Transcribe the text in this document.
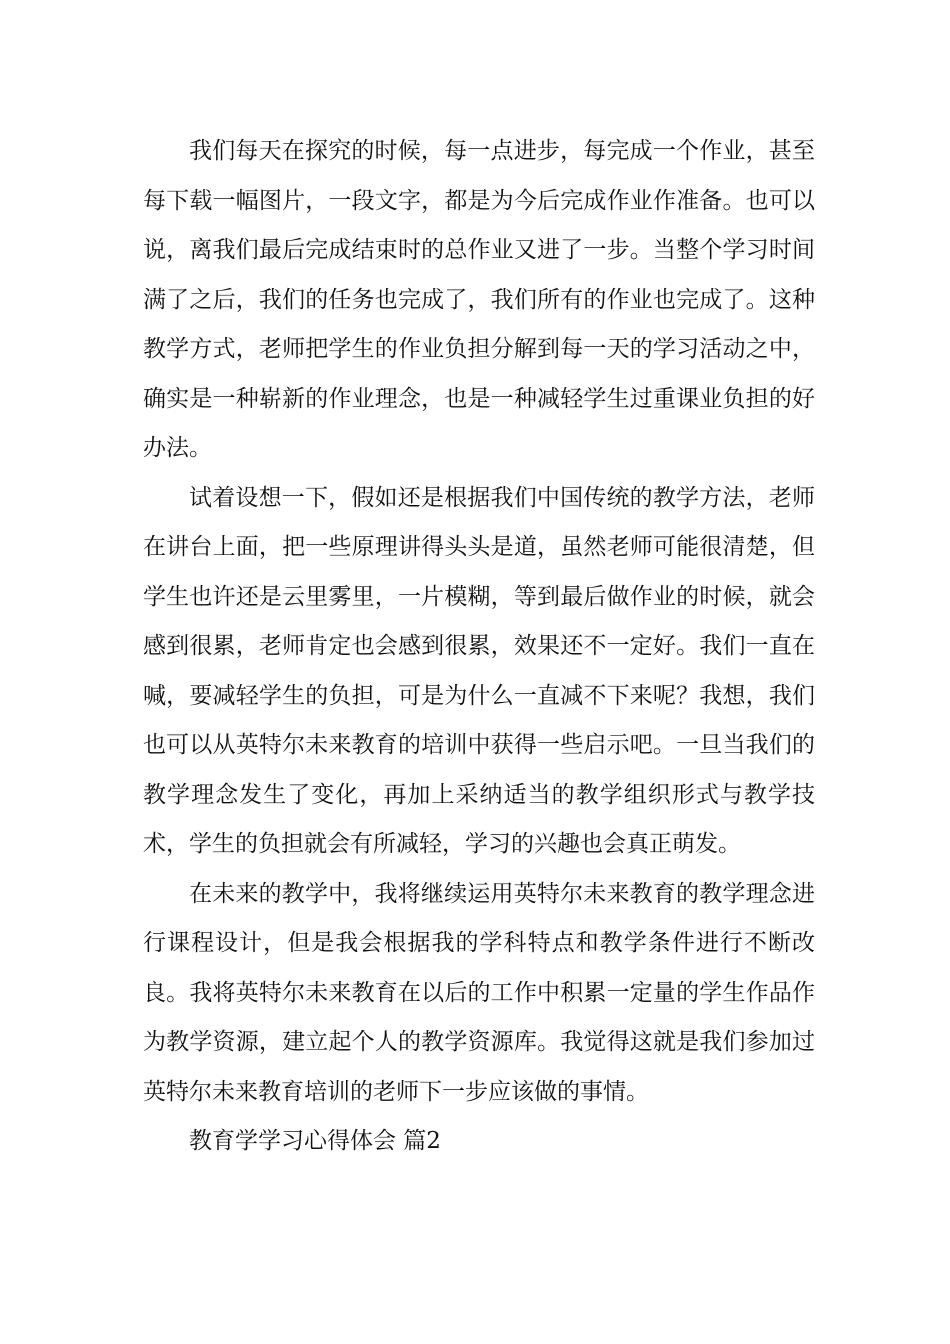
我们每天在探究的时候，每一点进步，每完成一个作业，甚至每下载一幅图片，一段文字，都是为今后完成作业作准备。也可以说，离我们最后完成结束时的总作业又进了一步。当整个学习时间满了之后，我们的任务也完成了，我们所有的作业也完成了。这种教学方式，老师把学生的作业负担分解到每一天的学习活动之中，确实是一种崭新的作业理念，也是一种减轻学生过重课业负担的好办法。

试着设想一下，假如还是根据我们中国传统的教学方法，老师在讲台上面，把一些原理讲得头头是道，虽然老师可能很清楚，但学生也许还是云里雾里，一片模糊，等到最后做作业的时候，就会感到很累，老师肯定也会感到很累，效果还不一定好。我们一直在喊，要减轻学生的负担，可是为什么一直减不下来呢？我想，我们也可以从英特尔未来教育的培训中获得一些启示吧。一旦当我们的教学理念发生了变化，再加上采纳适当的教学组织形式与教学技术，学生的负担就会有所减轻，学习的兴趣也会真正萌发。

在未来的教学中，我将继续运用英特尔未来教育的教学理念进行课程设计，但是我会根据我的学科特点和教学条件进行不断改良。我将英特尔未来教育在以后的工作中积累一定量的学生作品作为教学资源，建立起个人的教学资源库。我觉得这就是我们参加过英特尔未来教育培训的老师下一步应该做的事情。

教育学学习心得体会 篇2
